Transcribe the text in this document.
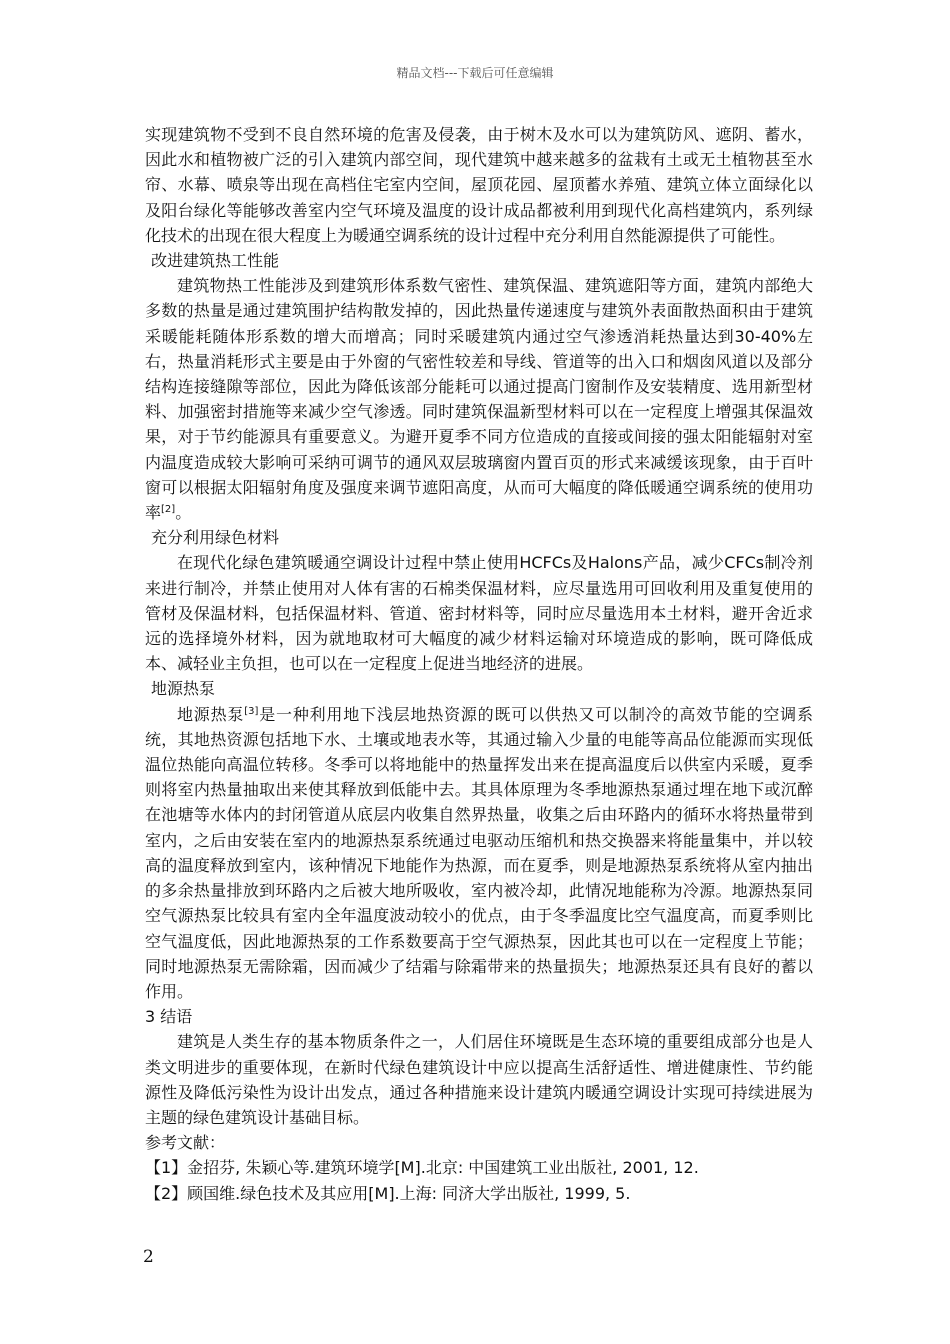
精品文档---下载后可任意编辑

实现建筑物不受到不良自然环境的危害及侵袭，由于树木及水可以为建筑防风、遮阴、蓄水，因此水和植物被广泛的引入建筑内部空间，现代建筑中越来越多的盆栽有土或无土植物甚至水帘、水幕、喷泉等出现在高档住宅室内空间，屋顶花园、屋顶蓄水养殖、建筑立体立面绿化以及阳台绿化等能够改善室内空气环境及温度的设计成品都被利用到现代化高档建筑内，系列绿化技术的出现在很大程度上为暖通空调系统的设计过程中充分利用自然能源提供了可能性。

改进建筑热工性能

建筑物热工性能涉及到建筑形体系数气密性、建筑保温、建筑遮阳等方面，建筑内部绝大多数的热量是通过建筑围护结构散发掉的，因此热量传递速度与建筑外表面散热面积由于建筑采暖能耗随体形系数的增大而增高；同时采暖建筑内通过空气渗透消耗热量达到30-40%左右，热量消耗形式主要是由于外窗的气密性较差和导线、管道等的出入口和烟囱风道以及部分结构连接缝隙等部位，因此为降低该部分能耗可以通过提高门窗制作及安装精度、选用新型材料、加强密封措施等来减少空气渗透。同时建筑保温新型材料可以在一定程度上增强其保温效果，对于节约能源具有重要意义。为避开夏季不同方位造成的直接或间接的强太阳能辐射对室内温度造成较大影响可采纳可调节的通风双层玻璃窗内置百页的形式来减缓该现象，由于百叶窗可以根据太阳辐射角度及强度来调节遮阳高度，从而可大幅度的降低暖通空调系统的使用功率[2]。

充分利用绿色材料

在现代化绿色建筑暖通空调设计过程中禁止使用HCFCs及Halons产品，减少CFCs制冷剂来进行制冷，并禁止使用对人体有害的石棉类保温材料，应尽量选用可回收利用及重复使用的管材及保温材料，包括保温材料、管道、密封材料等，同时应尽量选用本土材料，避开舍近求远的选择境外材料，因为就地取材可大幅度的减少材料运输对环境造成的影响，既可降低成本、减轻业主负担，也可以在一定程度上促进当地经济的进展。

地源热泵

地源热泵[3]是一种利用地下浅层地热资源的既可以供热又可以制冷的高效节能的空调系统，其地热资源包括地下水、土壤或地表水等，其通过输入少量的电能等高品位能源而实现低温位热能向高温位转移。冬季可以将地能中的热量挥发出来在提高温度后以供室内采暖，夏季则将室内热量抽取出来使其释放到低能中去。其具体原理为冬季地源热泵通过埋在地下或沉醉在池塘等水体内的封闭管道从底层内收集自然界热量，收集之后由环路内的循环水将热量带到室内，之后由安装在室内的地源热泵系统通过电驱动压缩机和热交换器来将能量集中，并以较高的温度释放到室内，该种情况下地能作为热源，而在夏季，则是地源热泵系统将从室内抽出的多余热量排放到环路内之后被大地所吸收，室内被冷却，此情况地能称为冷源。地源热泵同空气源热泵比较具有室内全年温度波动较小的优点，由于冬季温度比空气温度高，而夏季则比空气温度低，因此地源热泵的工作系数要高于空气源热泵，因此其也可以在一定程度上节能；同时地源热泵无需除霜，因而减少了结霜与除霜带来的热量损失；地源热泵还具有良好的蓄以作用。

3 结语

建筑是人类生存的基本物质条件之一，人们居住环境既是生态环境的重要组成部分也是人类文明进步的重要体现，在新时代绿色建筑设计中应以提高生活舒适性、增进健康性、节约能源性及降低污染性为设计出发点，通过各种措施来设计建筑内暖通空调设计实现可持续进展为主题的绿色建筑设计基础目标。

参考文献：

【1】金招芬, 朱颖心等.建筑环境学[M].北京: 中国建筑工业出版社, 2001, 12.

【2】顾国维.绿色技术及其应用[M].上海: 同济大学出版社, 1999, 5.

2
